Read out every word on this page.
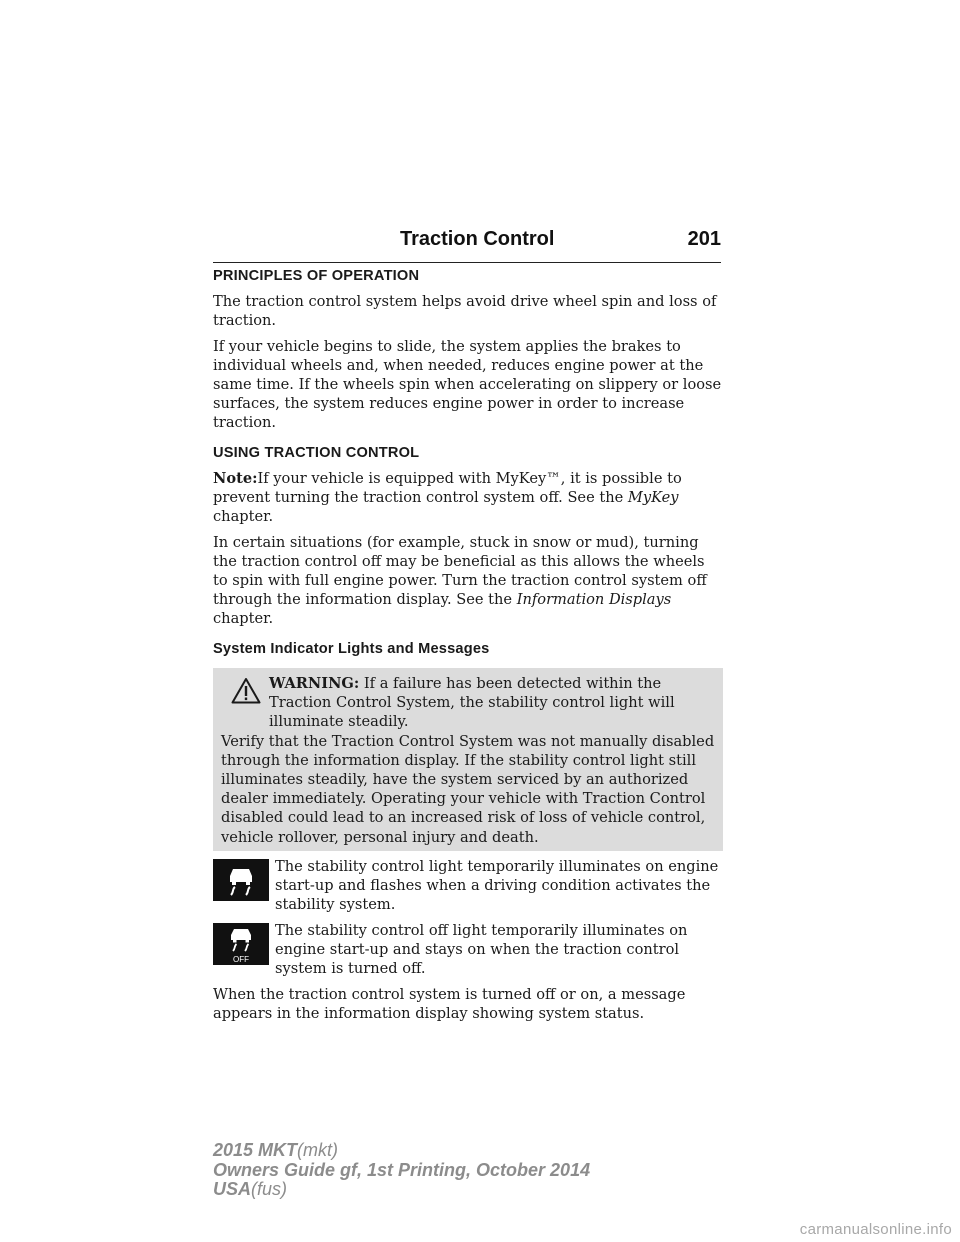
Traction Control	201
PRINCIPLES OF OPERATION

The traction control system helps avoid drive wheel spin and loss of traction.

If your vehicle begins to slide, the system applies the brakes to individual wheels and, when needed, reduces engine power at the same time. If the wheels spin when accelerating on slippery or loose surfaces, the system reduces engine power in order to increase traction.

USING TRACTION CONTROL

Note:If your vehicle is equipped with MyKey™, it is possible to prevent turning the traction control system off. See the MyKey chapter.

In certain situations (for example, stuck in snow or mud), turning the traction control off may be beneficial as this allows the wheels to spin with full engine power. Turn the traction control system off through the information display. See the Information Displays chapter.

System Indicator Lights and Messages
WARNING: If a failure has been detected within the Traction Control System, the stability control light will illuminate steadily.
Verify that the Traction Control System was not manually disabled through the information display. If the stability control light still illuminates steadily, have the system serviced by an authorized dealer immediately. Operating your vehicle with Traction Control disabled could lead to an increased risk of loss of vehicle control, vehicle rollover, personal injury and death.
The stability control light temporarily illuminates on engine start-up and flashes when a driving condition activates the stability system.
OFF
The stability control off light temporarily illuminates on engine start-up and stays on when the traction control system is turned off.

When the traction control system is turned off or on, a message appears in the information display showing system status.

2015 MKT(mkt)
Owners Guide gf, 1st Printing, October 2014
USA(fus)
carmanualsonline.info
